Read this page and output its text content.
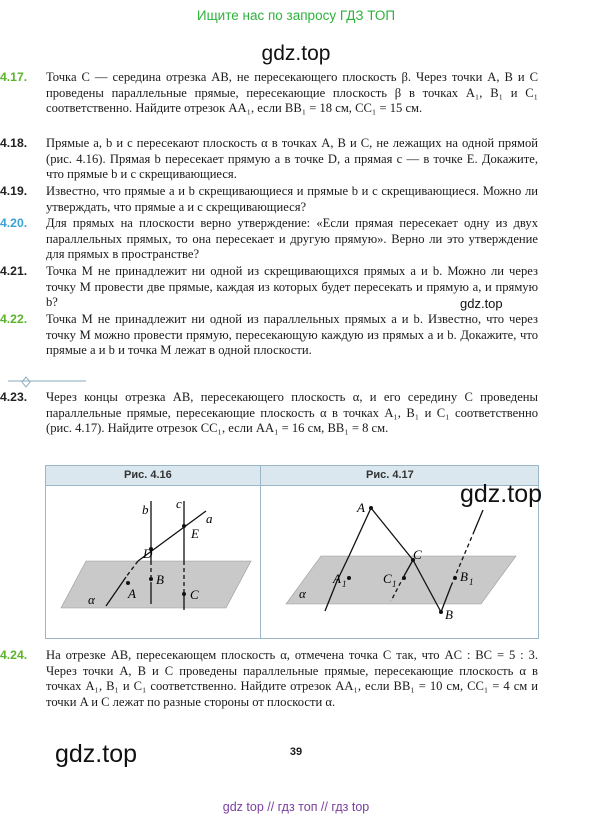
Ищите нас по запросу ГДЗ ТОП
gdz.top
4.17.	Точка C — середина отрезка AB, не пересекающего плоскость β. Через точки A, B и C проведены параллельные прямые, пересекающие плоскость β в точках A₁, B₁ и C₁ соответственно. Найдите отрезок AA₁, если BB₁ = 18 см, CC₁ = 15 см.
4.18.	Прямые a, b и c пересекают плоскость α в точках A, B и C, не лежащих на одной прямой (рис. 4.16). Прямая b пересекает прямую a в точке D, а прямая c — в точке E. Докажите, что прямые b и c скрещивающиеся.
4.19.	Известно, что прямые a и b скрещивающиеся и прямые b и c скрещивающиеся. Можно ли утверждать, что прямые a и c скрещивающиеся?
4.20.	Для прямых на плоскости верно утверждение: «Если прямая пересекает одну из двух параллельных прямых, то она пересекает и другую прямую». Верно ли это утверждение для прямых в пространстве?
4.21.	Точка M не принадлежит ни одной из скрещивающихся прямых a и b. Можно ли через точку M провести две прямые, каждая из которых будет пересекать и прямую a, и прямую b?
4.22.	Точка M не принадлежит ни одной из параллельных прямых a и b. Известно, что через точку M можно провести прямую, пересекающую каждую из прямых a и b. Докажите, что прямые a и b и точка M лежат в одной плоскости.
4.23.	Через концы отрезка AB, пересекающего плоскость α, и его середину C проведены параллельные прямые, пересекающие плоскость α в точках A₁, B₁ и C₁ соответственно (рис. 4.17). Найдите отрезок CC₁, если AA₁ = 16 см, BB₁ = 8 см.
Рис. 4.16	Рис. 4.17
b c
a
E
D
B
A	C
α
A
C
A 1	C 1	B 1
B
α
4.24.	На отрезке AB, пересекающем плоскость α, отмечена точка C так, что AC : BC = 5 : 3. Через точки A, B и C проведены параллельные прямые, пересекающие плоскость α в точках A₁, B₁ и C₁ соответственно. Найдите отрезок AA₁, если BB₁ = 10 см, CC₁ = 4 см и точки A и C лежат по разные стороны от плоскости α.
gdz.top
gdz.top
gdz.top	39
gdz top // гдз топ // гдз top
